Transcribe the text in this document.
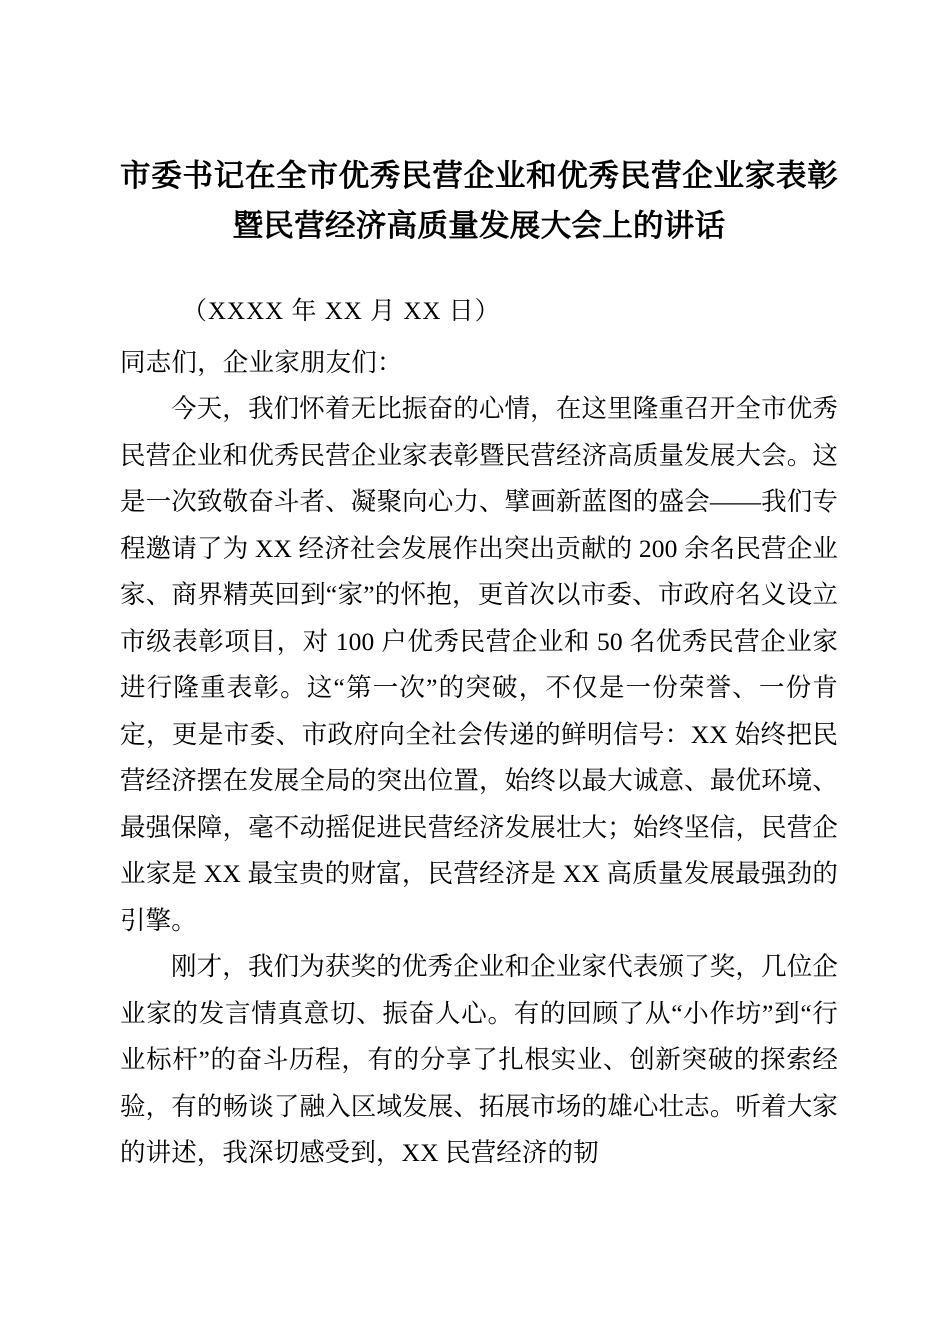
市委书记在全市优秀民营企业和优秀民营企业家表彰暨民营经济高质量发展大会上的讲话

（XXXX 年 XX 月 XX 日）

同志们，企业家朋友们：

今天，我们怀着无比振奋的心情，在这里隆重召开全市优秀民营企业和优秀民营企业家表彰暨民营经济高质量发展大会。这是一次致敬奋斗者、凝聚向心力、擘画新蓝图的盛会——我们专程邀请了为 XX 经济社会发展作出突出贡献的 200 余名民营企业家、商界精英回到“家”的怀抱，更首次以市委、市政府名义设立市级表彰项目，对 100 户优秀民营企业和 50 名优秀民营企业家进行隆重表彰。这“第一次”的突破，不仅是一份荣誉、一份肯定，更是市委、市政府向全社会传递的鲜明信号：XX 始终把民营经济摆在发展全局的突出位置，始终以最大诚意、最优环境、最强保障，毫不动摇促进民营经济发展壮大；始终坚信，民营企业家是 XX 最宝贵的财富，民营经济是 XX 高质量发展最强劲的引擎。

刚才，我们为获奖的优秀企业和企业家代表颁了奖，几位企业家的发言情真意切、振奋人心。有的回顾了从“小作坊”到“行业标杆”的奋斗历程，有的分享了扎根实业、创新突破的探索经验，有的畅谈了融入区域发展、拓展市场的雄心壮志。听着大家的讲述，我深切感受到，XX 民营经济的韧
